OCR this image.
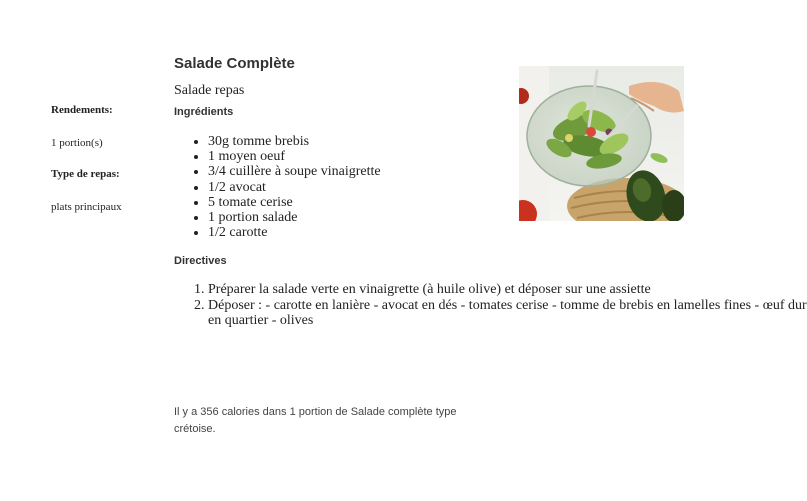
Rendements:
1 portion(s)
Type de repas:
plats principaux
Salade Complète

Salade repas

Ingrédients
• 30g tomme brebis
• 1 moyen oeuf
• 3/4 cuillère à soupe vinaigrette
• 1/2 avocat
• 5 tomate cerise
• 1 portion salade
• 1/2 carotte
Directives
1. Préparer la salade verte en vinaigrette (à huile olive) et déposer sur une assiette
2. Déposer : - carotte en lanière - avocat en dés - tomates cerise - tomme de brebis en lamelles fines - œuf dur en quartier - olives
Il y a 356 calories dans 1 portion de Salade complète type crétoise.
